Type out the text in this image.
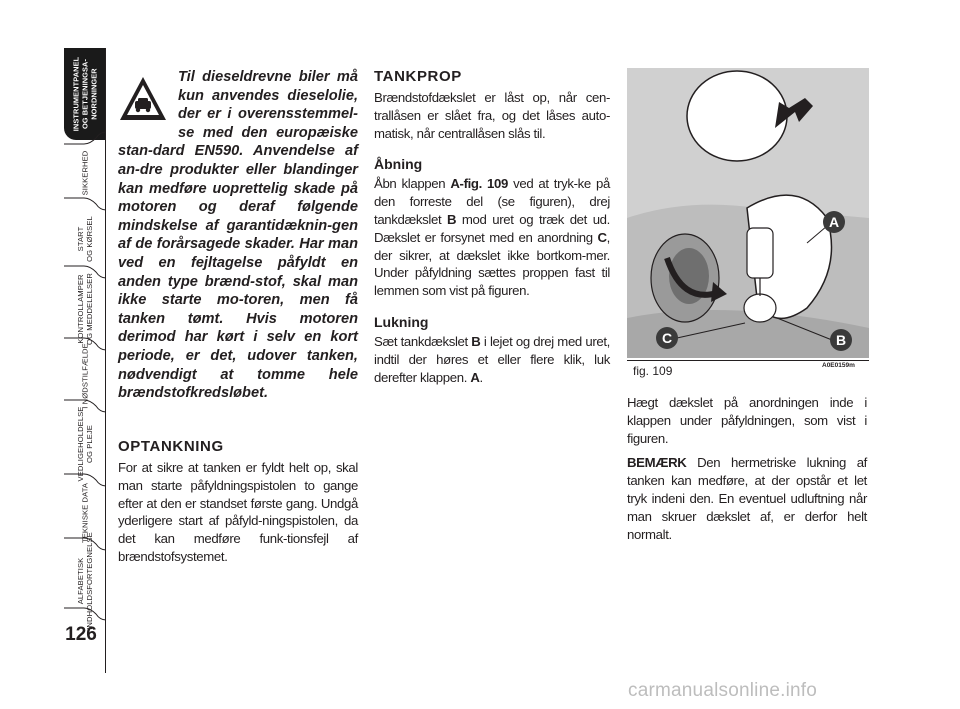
INSTRUMENTPANEL
OG BETJENINGSA-
NORDNINGER
SIKKERHED
START
OG KØRSEL
KONTROLLAMPER
OG MEDDELELSER
I NØDSTILFÆLDE
VEDLIGEHOLDELSE
OG PLEJE
TEKNISKE DATA
ALFABETISK
INDHOLDSFORTEGNELSE
126

Til dieseldrevne biler må kun anvendes dieselolie, der er i overensstemmel-se med den europæiske stan-dard EN590. Anvendelse af an-dre produkter eller blandinger kan medføre uoprettelig skade på motoren og deraf følgende mindskelse af garantidæknin-gen af de forårsagede skader. Har man ved en fejltagelse påfyldt en anden type brænd-stof, skal man ikke starte mo-toren, men få tanken tømt. Hvis motoren derimod har kørt i selv en kort periode, er det, udover tanken, nødvendigt at tomme hele brændstofkredsløbet.

OPTANKNING

For at sikre at tanken er fyldt helt op, skal man starte påfyldningspistolen to gange efter at den er standset første gang. Undgå yderligere start af påfyld-ningspistolen, da det kan medføre funk-tionsfejl af brændstofsystemet.

TANKPROP

Brændstofdækslet er låst op, når cen-trallåsen er slået fra, og det låses auto-matisk, når centrallåsen slås til.

Åbning

Åbn klappen A-fig. 109 ved at tryk-ke på den forreste del (se figuren), drej tankdækslet B mod uret og træk det ud. Dækslet er forsynet med en anordning C, der sikrer, at dækslet ikke bortkom-mer. Under påfyldning sættes proppen fast til lemmen som vist på figuren.

Lukning

Sæt tankdækslet B i lejet og drej med uret, indtil der høres et eller flere klik, luk derefter klappen. A.

A
B
C
fig. 109	A0E0159m

Hægt dækslet på anordningen inde i klappen under påfyldningen, som vist i figuren.

BEMÆRK Den hermetriske lukning af tanken kan medføre, at der opstår et let tryk indeni den. En eventuel udluftning når man skruer dækslet af, er derfor helt normalt.

carmanualsonline.info
